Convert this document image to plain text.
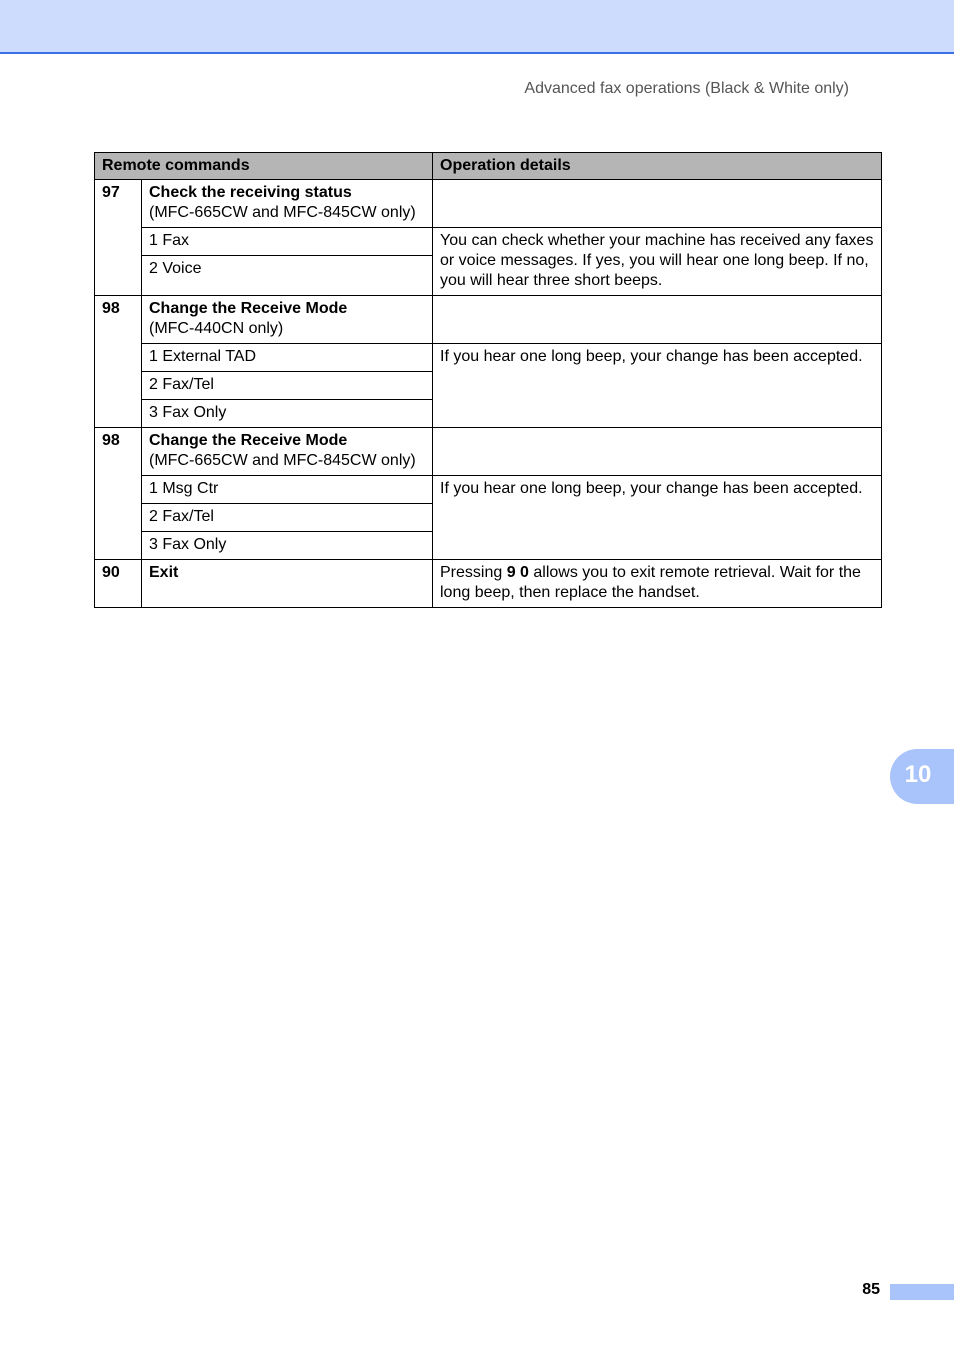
Advanced fax operations (Black & White only)
Remote commands		Operation details
97	Check the receiving status
(MFC-665CW and MFC-845CW only)	

	1 Fax	You can check whether your machine has received any faxes or voice messages. If yes, you will hear one long beep. If no, you will hear three short beeps.
	2 Voice	
98	Change the Receive Mode
(MFC-440CN only)	

	1 External TAD	If you hear one long beep, your change has been accepted.
	2 Fax/Tel	
	3 Fax Only	
98	Change the Receive Mode
(MFC-665CW and MFC-845CW only)	

	1 Msg Ctr	If you hear one long beep, your change has been accepted.
	2 Fax/Tel	
	3 Fax Only	
90	Exit	Pressing 9 0 allows you to exit remote retrieval. Wait for the long beep, then replace the handset.
10
85
